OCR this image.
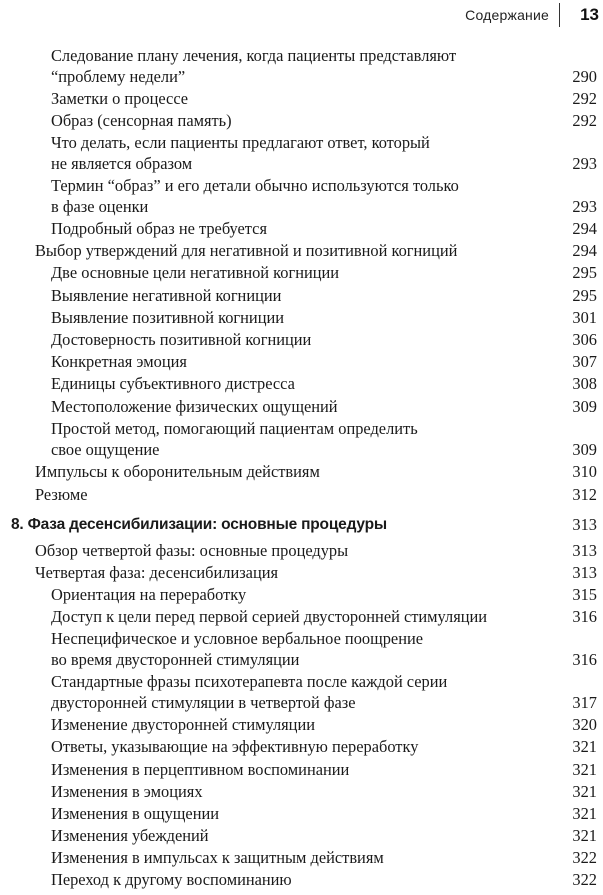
Содержание 13
Следование плану лечения, когда пациенты представляют
“проблему недели”	290
Заметки о процессе	292
Образ (сенсорная память)	292
Что делать, если пациенты предлагают ответ, который
не является образом	293
Термин “образ” и его детали обычно используются только
в фазе оценки	293
Подробный образ не требуется	294
Выбор утверждений для негативной и позитивной когниций	294
Две основные цели негативной когниции	295
Выявление негативной когниции	295
Выявление позитивной когниции	301
Достоверность позитивной когниции	306
Конкретная эмоция	307
Единицы субъективного дистресса	308
Местоположение физических ощущений	309
Простой метод, помогающий пациентам определить
свое ощущение	309
Импульсы к оборонительным действиям	310
Резюме	312
8. Фаза десенсибилизации: основные процедуры	313
Обзор четвертой фазы: основные процедуры	313
Четвертая фаза: десенсибилизация	313
Ориентация на переработку	315
Доступ к цели перед первой серией двусторонней стимуляции	316
Неспецифическое и условное вербальное поощрение
во время двусторонней стимуляции	316
Стандартные фразы психотерапевта после каждой серии
двусторонней стимуляции в четвертой фазе	317
Изменение двусторонней стимуляции	320
Ответы, указывающие на эффективную переработку	321
Изменения в перцептивном воспоминании	321
Изменения в эмоциях	321
Изменения в ощущении	321
Изменения убеждений	321
Изменения в импульсах к защитным действиям	322
Переход к другому воспоминанию	322
